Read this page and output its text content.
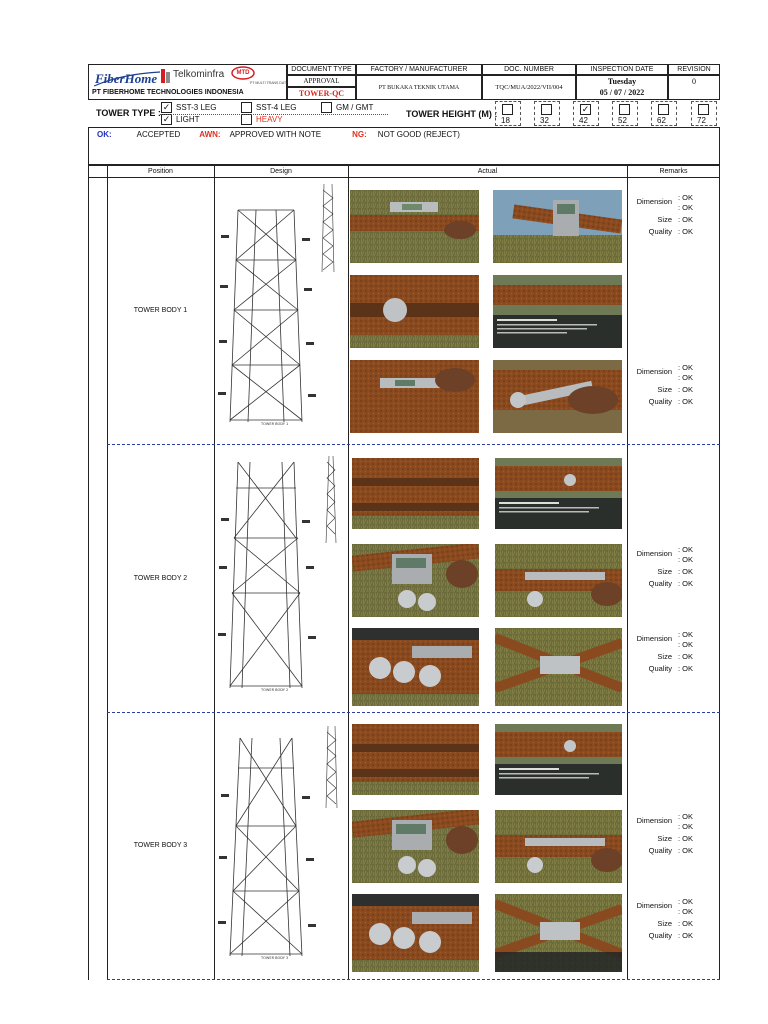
FiberHome Telkominfra	MTD
PT MULTI TRANS DATA
PT FIBERHOME TECHNOLOGIES INDONESIA
DOCUMENT TYPE
APPROVAL
TOWER-QC
FACTORY / MANUFACTURER
PT BUKAKA TEKNIK UTAMA
DOC. NUMBER
TQC/MUA/2022/VII/004
INSPECTION DATE
Tuesday
05 / 07 / 2022
REVISION
0
TOWER TYPE :
✓ SST-3 LEG	SST-4 LEG	GM / GMT
✓ LIGHT	HEAVY
TOWER HEIGHT (M) :
18	32
✓
42	52	62	72
OK:	ACCEPTED AWN: APPROVED WITH NOTE	NG: NOT GOOD (REJECT)
Position	Design	Actual	Remarks
TOWER BODY 1
TOWER BODY 1
Dimension : OK
: OK
Size : OK
Quality : OK
Dimension : OK
: OK
Size : OK
Quality : OK
TOWER BODY 2
TOWER BODY 2
Dimension : OK
: OK
Size : OK
Quality : OK
Dimension : OK
: OK
Size : OK
Quality : OK
TOWER BODY 3
TOWER BODY 3
Dimension : OK
: OK
Size : OK
Quality : OK
Dimension : OK
: OK
Size : OK
Quality : OK
